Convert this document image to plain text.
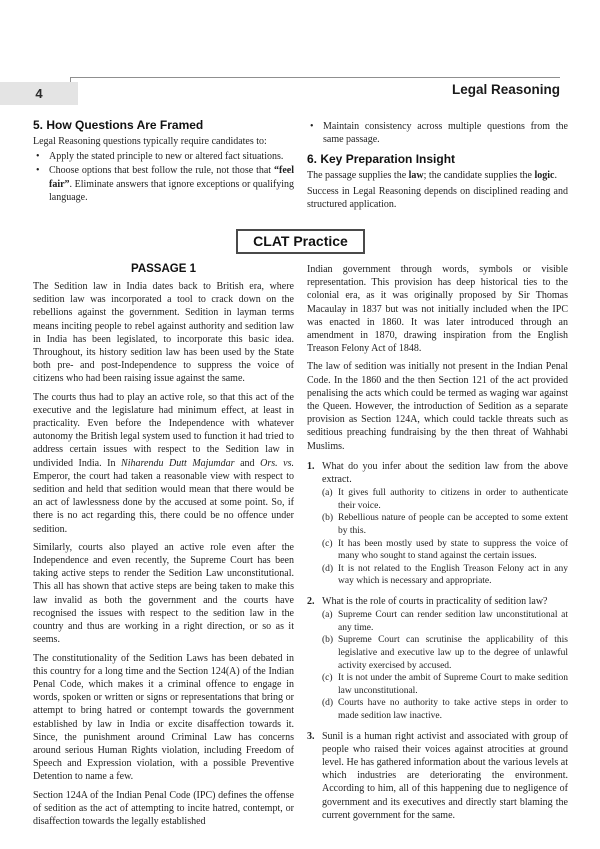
4	Legal Reasoning
5. How Questions Are Framed

Legal Reasoning questions typically require candidates to:

• Apply the stated principle to new or altered fact situations.
• Choose options that best follow the rule, not those that “feel fair”. Eliminate answers that ignore exceptions or qualifying language.
• Maintain consistency across multiple questions from the same passage.
6. Key Preparation Insight

The passage supplies the law; the candidate supplies the logic.

Success in Legal Reasoning depends on disciplined reading and structured application.

CLAT Practice
PASSAGE 1

The Sedition law in India dates back to British era, where sedition law was incorporated a tool to crack down on the rebellions against the government. Sedition in layman terms means inciting people to rebel against authority and sedition law in India has been legislated, to incorporate this basic idea. Throughout, its history sedition law has been used by the State both pre- and post-Independence to suppress the voice of citizens who had been raising issue against the same.

The courts thus had to play an active role, so that this act of the executive and the legislature had minimum effect, at least in practicality. Even before the Independence with whatever autonomy the British legal system used to function it had tried to address certain issues with respect to the Sedition law in undivided India. In Niharendu Dutt Majumdar and Ors. vs. Emperor, the court had taken a reasonable view with respect to sedition and held that sedition would mean that there would be an act of lawlessness done by the accused at some point. So, if there is no act regarding this, there could be no offence under sedition.

Similarly, courts also played an active role even after the Independence and even recently, the Supreme Court has been taking active steps to render the Sedition Law unconstitutional. This all has shown that active steps are being taken to make this law invalid as both the government and the courts have recognised the issues with respect to the sedition law in the country and thus are working in a right direction, or so as it seems.

The constitutionality of the Sedition Laws has been debated in this country for a long time and the Section 124(A) of the Indian Penal Code, which makes it a criminal offence to engage in words, spoken or written or signs or representations that bring or attempt to bring hatred or contempt towards the government established by law in India or excite disaffection towards it. Since, the punishment around Criminal Law has concerns around serious Human Rights violation, including Freedom of Speech and Expression violation, with a possible Preventive Detention to name a few.

Section 124A of the Indian Penal Code (IPC) defines the offense of sedition as the act of attempting to incite hatred, contempt, or disaffection towards the legally established

Indian government through words, symbols or visible representation. This provision has deep historical ties to the colonial era, as it was originally proposed by Sir Thomas Macaulay in 1837 but was not initially included when the IPC was enacted in 1860. It was later introduced through an amendment in 1870, drawing inspiration from the English Treason Felony Act of 1848.

The law of sedition was initially not present in the Indian Penal Code. In the 1860 and the then Section 121 of the act provided penalising the acts which could be termed as waging war against the Queen. However, the introduction of Sedition as a separate provision as Section 124A, which could tackle threats such as seditious preaching fundraising by the then threat of Wahhabi Muslims.

1. What do you infer about the sedition law from the above extract.

(a) It gives full authority to citizens in order to authenticate their voice.
(b) Rebellious nature of people can be accepted to some extent by this.
(c) It has been mostly used by state to suppress the voice of many who sought to stand against the certain issues.
(d) It is not related to the English Treason Felony act in any way which is necessary and appropriate.
2. What is the role of courts in practicality of sedition law?

(a) Supreme Court can render sedition law unconstitutional at any time.
(b) Supreme Court can scrutinise the applicability of this legislative and executive law up to the degree of unlawful activity exercised by accused.
(c) It is not under the ambit of Supreme Court to make sedition law unconstitutional.
(d) Courts have no authority to take active steps in order to made sedition law inactive.
3. Sunil is a human right activist and associated with group of people who raised their voices against atrocities at ground level. He has gathered information about the various levels at which industries are deteriorating the environment. According to him, all of this happening due to negligence of government and its executives and directly start blaming the current government for the same.
